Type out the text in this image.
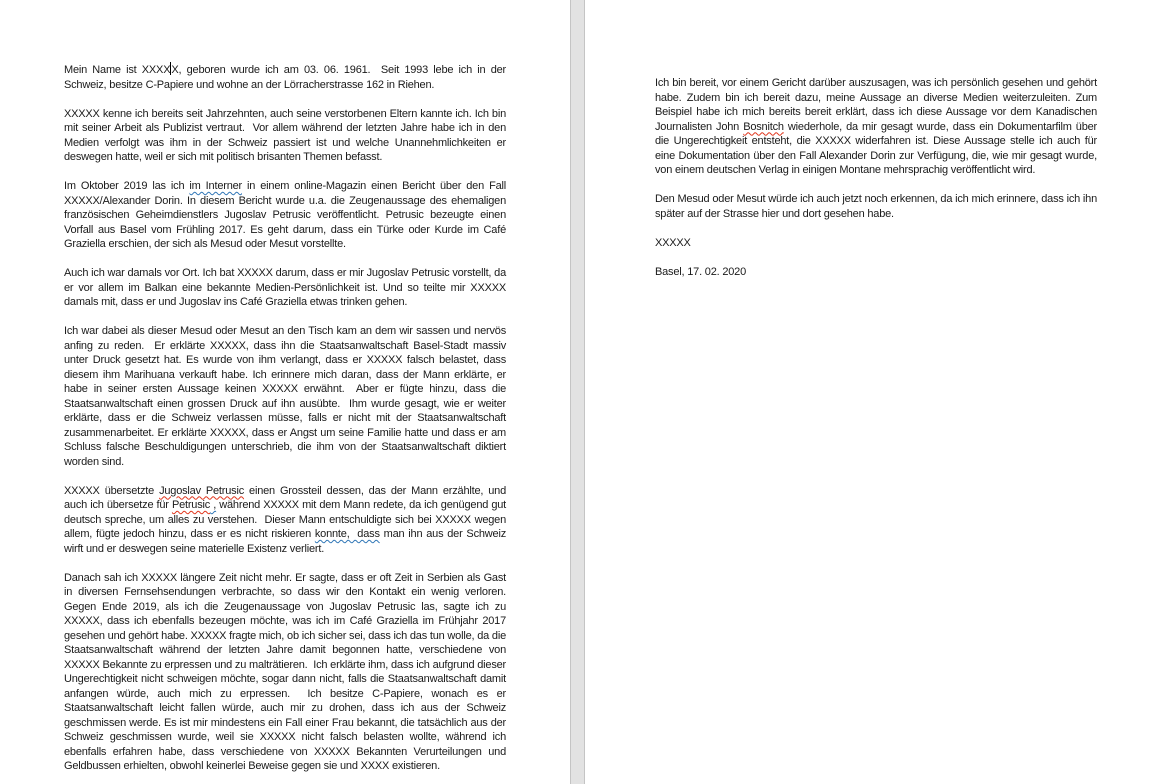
Mein Name ist XXXXX, geboren wurde ich am 03. 06. 1961.  Seit 1993 lebe ich in der Schweiz, besitze C-Papiere und wohne an der Lörracherstrasse 162 in Riehen.

XXXXX kenne ich bereits seit Jahrzehnten, auch seine verstorbenen Eltern kannte ich. Ich bin mit seiner Arbeit als Publizist vertraut.  Vor allem während der letzten Jahre habe ich in den Medien verfolgt was ihm in der Schweiz passiert ist und welche Unannehmlichkeiten er deswegen hatte, weil er sich mit politisch brisanten Themen befasst.

Im Oktober 2019 las ich im Interner in einem online-Magazin einen Bericht über den Fall XXXXX/Alexander Dorin. In diesem Bericht wurde u.a. die Zeugenaussage des ehemaligen französischen Geheimdienstlers Jugoslav Petrusic veröffentlicht. Petrusic bezeugte einen Vorfall aus Basel vom Frühling 2017. Es geht darum, dass ein Türke oder Kurde im Café Graziella erschien, der sich als Mesud oder Mesut vorstellte.

Auch ich war damals vor Ort. Ich bat XXXXX darum, dass er mir Jugoslav Petrusic vorstellt, da er vor allem im Balkan eine bekannte Medien-Persönlichkeit ist. Und so teilte mir XXXXX damals mit, dass er und Jugoslav ins Café Graziella etwas trinken gehen.

Ich war dabei als dieser Mesud oder Mesut an den Tisch kam an dem wir sassen und nervös anfing zu reden.  Er erklärte XXXXX, dass ihn die Staatsanwaltschaft Basel-Stadt massiv unter Druck gesetzt hat. Es wurde von ihm verlangt, dass er XXXXX falsch belastet, dass diesem ihm Marihuana verkauft habe. Ich erinnere mich daran, dass der Mann erklärte, er habe in seiner ersten Aussage keinen XXXXX erwähnt.  Aber er fügte hinzu, dass die Staatsanwaltschaft einen grossen Druck auf ihn ausübte.  Ihm wurde gesagt, wie er weiter erklärte, dass er die Schweiz verlassen müsse, falls er nicht mit der Staatsanwaltschaft zusammenarbeitet. Er erklärte XXXXX, dass er Angst um seine Familie hatte und dass er am Schluss falsche Beschuldigungen unterschrieb, die ihm von der Staatsanwaltschaft diktiert worden sind.

XXXXX übersetzte Jugoslav Petrusic einen Grossteil dessen, das der Mann erzählte, und auch ich übersetze für Petrusic , während XXXXX mit dem Mann redete, da ich genügend gut deutsch spreche, um alles zu verstehen.  Dieser Mann entschuldigte sich bei XXXXX wegen allem, fügte jedoch hinzu, dass er es nicht riskieren konnte,  dass man ihn aus der Schweiz wirft und er deswegen seine materielle Existenz verliert.

Danach sah ich XXXXX längere Zeit nicht mehr. Er sagte, dass er oft Zeit in Serbien als Gast in diversen Fernsehsendungen verbrachte, so dass wir den Kontakt ein wenig verloren.  Gegen Ende 2019, als ich die Zeugenaussage von Jugoslav Petrusic las, sagte ich zu XXXXX, dass ich ebenfalls bezeugen möchte, was ich im Café Graziella im Frühjahr 2017 gesehen und gehört habe. XXXXX fragte mich, ob ich sicher sei, dass ich das tun wolle, da die Staatsanwaltschaft während der letzten Jahre damit begonnen hatte, verschiedene von XXXXX Bekannte zu erpressen und zu malträtieren.  Ich erklärte ihm, dass ich aufgrund dieser Ungerechtigkeit nicht schweigen möchte, sogar dann nicht, falls die Staatsanwaltschaft damit anfangen würde, auch mich zu erpressen.  Ich besitze C-Papiere, wonach es er Staatsanwaltschaft leicht fallen würde, auch mir zu drohen, dass ich aus der Schweiz geschmissen werde. Es ist mir mindestens ein Fall einer Frau bekannt, die tatsächlich aus der Schweiz geschmissen wurde, weil sie XXXXX nicht falsch belasten wollte, während ich ebenfalls erfahren habe, dass verschiedene von XXXXX Bekannten Verurteilungen und Geldbussen erhielten, obwohl keinerlei Beweise gegen sie und XXXX existieren.

Ich bin bereit, vor einem Gericht darüber auszusagen, was ich persönlich gesehen und gehört habe. Zudem bin ich bereit dazu, meine Aussage an diverse Medien weiterzuleiten. Zum Beispiel habe ich mich bereits bereit erklärt, dass ich diese Aussage vor dem Kanadischen Journalisten John Bosnitch wiederhole, da mir gesagt wurde, dass ein Dokumentarfilm über die Ungerechtigkeit entsteht, die XXXXX widerfahren ist. Diese Aussage stelle ich auch für eine Dokumentation über den Fall Alexander Dorin zur Verfügung, die, wie mir gesagt wurde, von einem deutschen Verlag in einigen Montane mehrsprachig veröffentlicht wird.

Den Mesud oder Mesut würde ich auch jetzt noch erkennen, da ich mich erinnere, dass ich ihn später auf der Strasse hier und dort gesehen habe.

XXXXX

Basel, 17. 02. 2020
